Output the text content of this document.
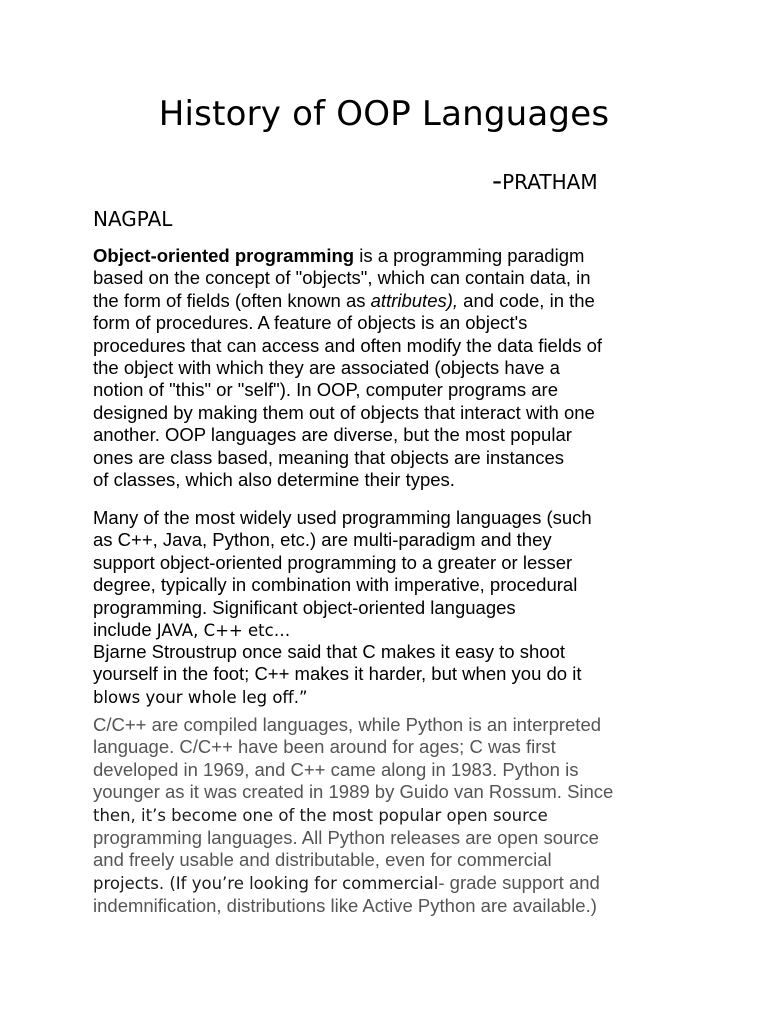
History of OOP Languages

-PRATHAM

NAGPAL

Object-oriented programming is a programming paradigm
based on the concept of "objects", which can contain data, in
the form of fields (often known as attributes), and code, in the
form of procedures. A feature of objects is an object's
procedures that can access and often modify the data fields of
the object with which they are associated (objects have a
notion of "this" or "self"). In OOP, computer programs are
designed by making them out of objects that interact with one
another. OOP languages are diverse, but the most popular
ones are class based, meaning that objects are instances
of classes, which also determine their types.

Many of the most widely used programming languages (such
as C++, Java, Python, etc.) are multi-paradigm and they
support object-oriented programming to a greater or lesser
degree, typically in combination with imperative, procedural
programming. Significant object-oriented languages
include JAVA, C++ etc…

Bjarne Stroustrup once said that C makes it easy to shoot
yourself in the foot; C++ makes it harder, but when you do it
blows your whole leg off.”

C/C++ are compiled languages, while Python is an interpreted
language. C/C++ have been around for ages; C was first
developed in 1969, and C++ came along in 1983. Python is
younger as it was created in 1989 by Guido van Rossum. Since
then, it’s become one of the most popular open source
programming languages. All Python releases are open source
and freely usable and distributable, even for commercial
projects. (If you’re looking for commercial- grade support and
indemnification, distributions like Active Python are available.)
